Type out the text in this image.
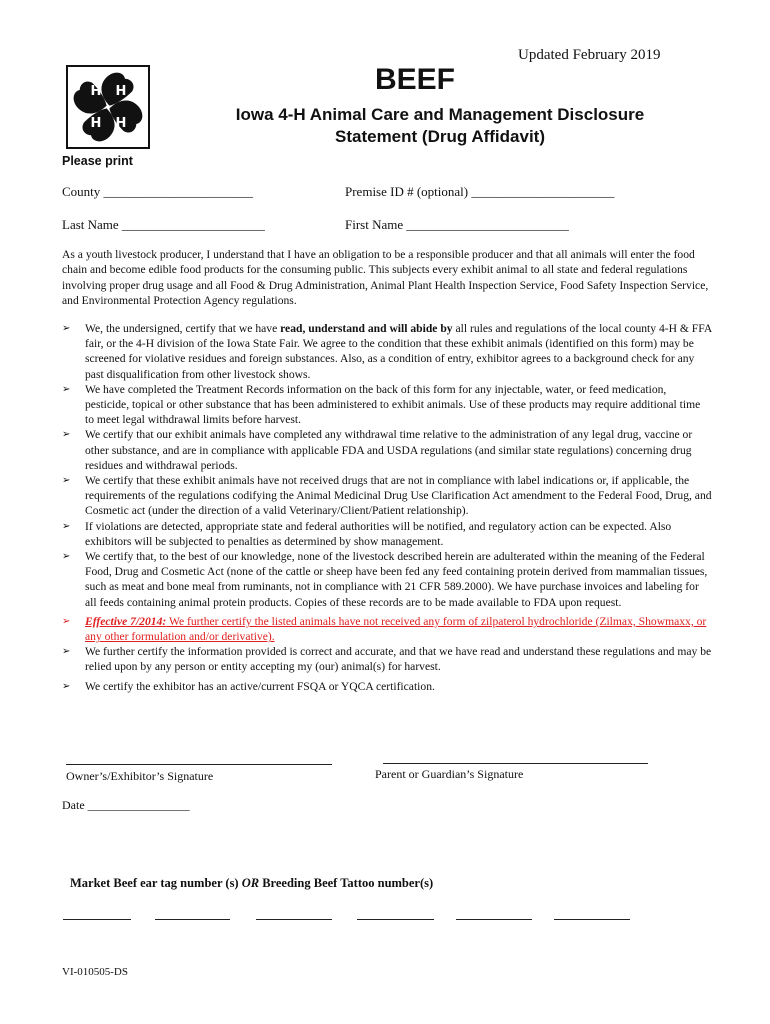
Updated February 2019
H H
H H
BEEF
Iowa 4-H Animal Care and Management Disclosure
Statement (Drug Affidavit)
Please print
County _______________________	Premise ID # (optional) ______________________
Last Name ______________________	First Name _________________________
As a youth livestock producer, I understand that I have an obligation to be a responsible producer and that all animals will enter the food chain and become edible food products for the consuming public. This subjects every exhibit animal to all state and federal regulations involving proper drug usage and all Food & Drug Administration, Animal Plant Health Inspection Service, Food Safety Inspection Service, and Environmental Protection Agency regulations.
➢ We, the undersigned, certify that we have read, understand and will abide by all rules and regulations of the local county 4-H & FFA fair, or the 4-H division of the Iowa State Fair. We agree to the condition that these exhibit animals (identified on this form) may be screened for violative residues and foreign substances. Also, as a condition of entry, exhibitor agrees to a background check for any past disqualification from other livestock shows.
➢ We have completed the Treatment Records information on the back of this form for any injectable, water, or feed medication, pesticide, topical or other substance that has been administered to exhibit animals. Use of these products may require additional time to meet legal withdrawal limits before harvest.
➢ We certify that our exhibit animals have completed any withdrawal time relative to the administration of any legal drug, vaccine or other substance, and are in compliance with applicable FDA and USDA regulations (and similar state regulations) concerning drug residues and withdrawal periods.
➢ We certify that these exhibit animals have not received drugs that are not in compliance with label indications or, if applicable, the requirements of the regulations codifying the Animal Medicinal Drug Use Clarification Act amendment to the Federal Food, Drug, and Cosmetic act (under the direction of a valid Veterinary/Client/Patient relationship).
➢ If violations are detected, appropriate state and federal authorities will be notified, and regulatory action can be expected. Also exhibitors will be subjected to penalties as determined by show management.
➢ We certify that, to the best of our knowledge, none of the livestock described herein are adulterated within the meaning of the Federal Food, Drug and Cosmetic Act (none of the cattle or sheep have been fed any feed containing protein derived from mammalian tissues, such as meat and bone meal from ruminants, not in compliance with 21 CFR 589.2000). We have purchase invoices and labeling for all feeds containing animal protein products. Copies of these records are to be made available to FDA upon request.
➢ Effective 7/2014: We further certify the listed animals have not received any form of zilpaterol hydrochloride (Zilmax, Showmaxx, or any other formulation and/or derivative).
➢ We further certify the information provided is correct and accurate, and that we have read and understand these regulations and may be relied upon by any person or entity accepting my (our) animal(s) for harvest.
➢ We certify the exhibitor has an active/current FSQA or YQCA certification.
Owner’s/Exhibitor’s Signature	Parent or Guardian’s Signature
Date _________________
Market Beef ear tag number (s) OR Breeding Beef Tattoo number(s)
VI-010505-DS
